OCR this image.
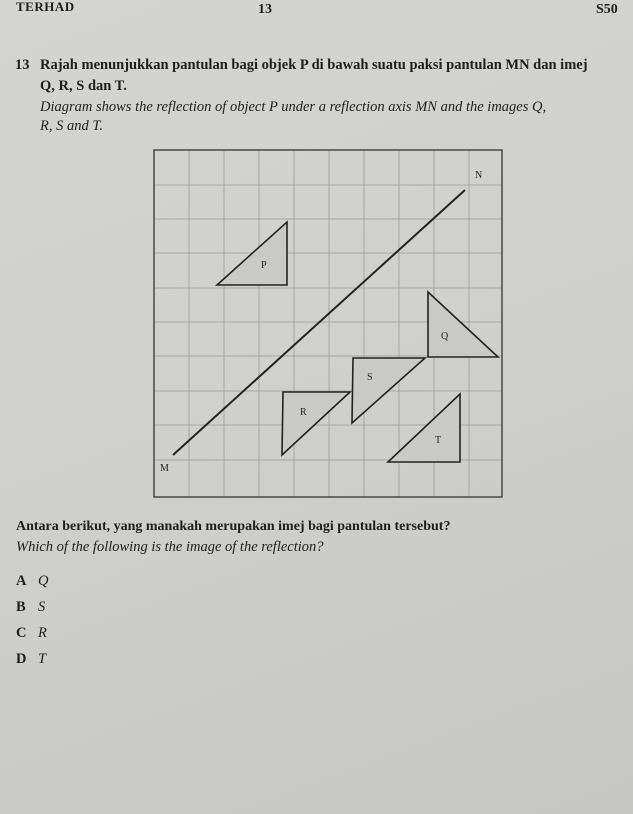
TERHAD	13	S50
13 Rajah menunjukkan pantulan bagi objek P di bawah suatu paksi pantulan MN dan imej
Q, R, S dan T.
Diagram shows the reflection of object P under a reflection axis MN and the images Q,
R, S and T.
N
M
P
Q
S
R
T
Antara berikut, yang manakah merupakan imej bagi pantulan tersebut?
Which of the following is the image of the reflection?
A Q
B S
C R
D T
